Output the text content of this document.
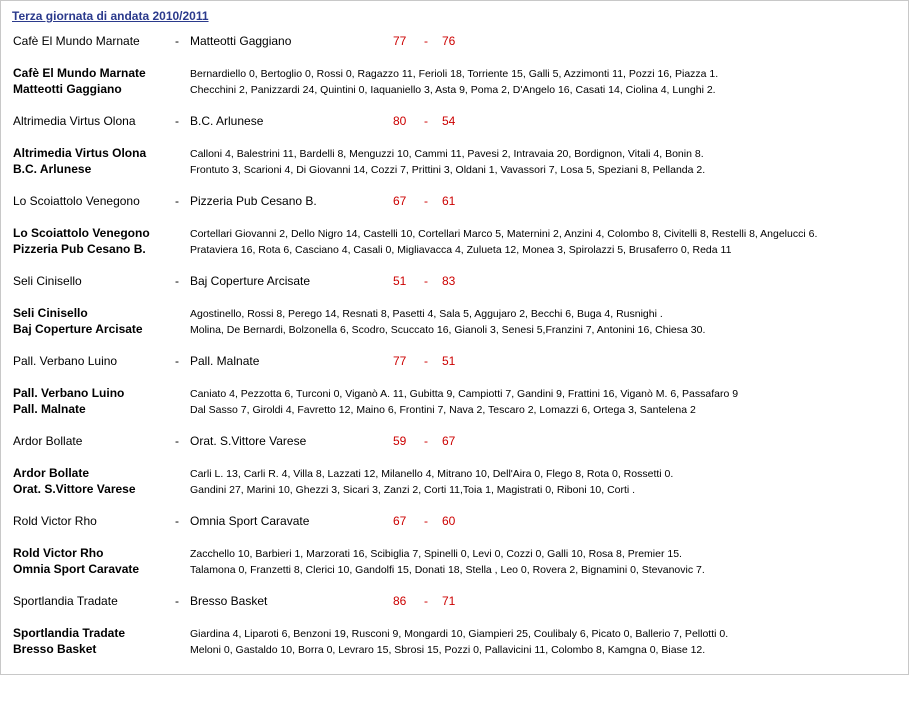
Terza giornata di andata 2010/2011
Cafè El Mundo Marnate	- Matteotti Gaggiano	77 - 76
Cafè El Mundo Marnate	Bernardiello 0, Bertoglio 0, Rossi 0, Ragazzo 11, Ferioli 18, Torriente 15, Galli 5, Azzimonti 11, Pozzi 16, Piazza 1.
Matteotti Gaggiano	Checchini 2, Panizzardi 24, Quintini 0, Iaquaniello 3, Asta 9, Poma 2, D'Angelo 16, Casati 14, Ciolina 4, Lunghi 2.
Altrimedia Virtus Olona	- B.C. Arlunese	80 - 54
Altrimedia Virtus Olona	Calloni 4, Balestrini 11, Bardelli 8, Menguzzi 10, Cammi 11, Pavesi 2, Intravaia 20, Bordignon, Vitali 4, Bonin 8.
B.C. Arlunese	Frontuto 3, Scarioni 4, Di Giovanni 14, Cozzi 7, Prittini 3, Oldani 1, Vavassori 7, Losa 5, Speziani 8, Pellanda 2.
Lo Scoiattolo Venegono	- Pizzeria Pub Cesano B.	67 - 61
Lo Scoiattolo Venegono	Cortellari Giovanni 2, Dello Nigro 14, Castelli 10, Cortellari Marco 5, Maternini 2, Anzini 4, Colombo 8, Civitelli 8, Restelli 8, Angelucci 6.
Pizzeria Pub Cesano B.	Prataviera 16, Rota 6, Casciano 4, Casali 0, Migliavacca 4, Zulueta 12, Monea 3, Spirolazzi 5, Brusaferro 0, Reda 11
Seli Cinisello	- Baj Coperture Arcisate	51 - 83
Seli Cinisello	Agostinello, Rossi 8, Perego 14, Resnati 8, Pasetti 4, Sala 5, Aggujaro 2, Becchi 6, Buga 4, Rusnighi .
Baj Coperture Arcisate	Molina, De Bernardi, Bolzonella 6, Scodro, Scuccato 16, Gianoli 3, Senesi 5,Franzini 7, Antonini 16, Chiesa 30.
Pall. Verbano Luino	- Pall. Malnate	77 - 51
Pall. Verbano Luino	Caniato 4, Pezzotta 6, Turconi 0, Viganò A. 11, Gubitta 9, Campiotti 7, Gandini 9, Frattini 16, Viganò M. 6, Passafaro 9
Pall. Malnate	Dal Sasso 7, Giroldi 4, Favretto 12, Maino 6, Frontini 7, Nava 2, Tescaro 2, Lomazzi 6, Ortega 3, Santelena 2
Ardor Bollate	- Orat. S.Vittore Varese	59 - 67
Ardor Bollate	Carli L. 13, Carli R. 4, Villa 8, Lazzati 12, Milanello 4, Mitrano 10, Dell'Aira 0, Flego 8, Rota 0, Rossetti 0.
Orat. S.Vittore Varese	Gandini 27, Marini 10, Ghezzi 3, Sicari 3, Zanzi 2, Corti 11,Toia 1, Magistrati 0, Riboni 10, Corti .
Rold Victor Rho	- Omnia Sport Caravate	67 - 60
Rold Victor Rho	Zacchello 10, Barbieri 1, Marzorati 16, Scibiglia 7, Spinelli 0, Levi 0, Cozzi 0, Galli 10, Rosa 8, Premier 15.
Omnia Sport Caravate	Talamona 0, Franzetti 8, Clerici 10, Gandolfi 15, Donati 18, Stella , Leo 0, Rovera 2, Bignamini 0, Stevanovic 7.
Sportlandia Tradate	- Bresso Basket	86 - 71
Sportlandia Tradate	Giardina 4, Liparoti 6, Benzoni 19, Rusconi 9, Mongardi 10, Giampieri 25, Coulibaly 6, Picato 0, Ballerio 7, Pellotti 0.
Bresso Basket	Meloni 0, Gastaldo 10, Borra 0, Levraro 15, Sbrosi 15, Pozzi 0, Pallavicini 11, Colombo 8, Kamgna 0, Biase 12.
